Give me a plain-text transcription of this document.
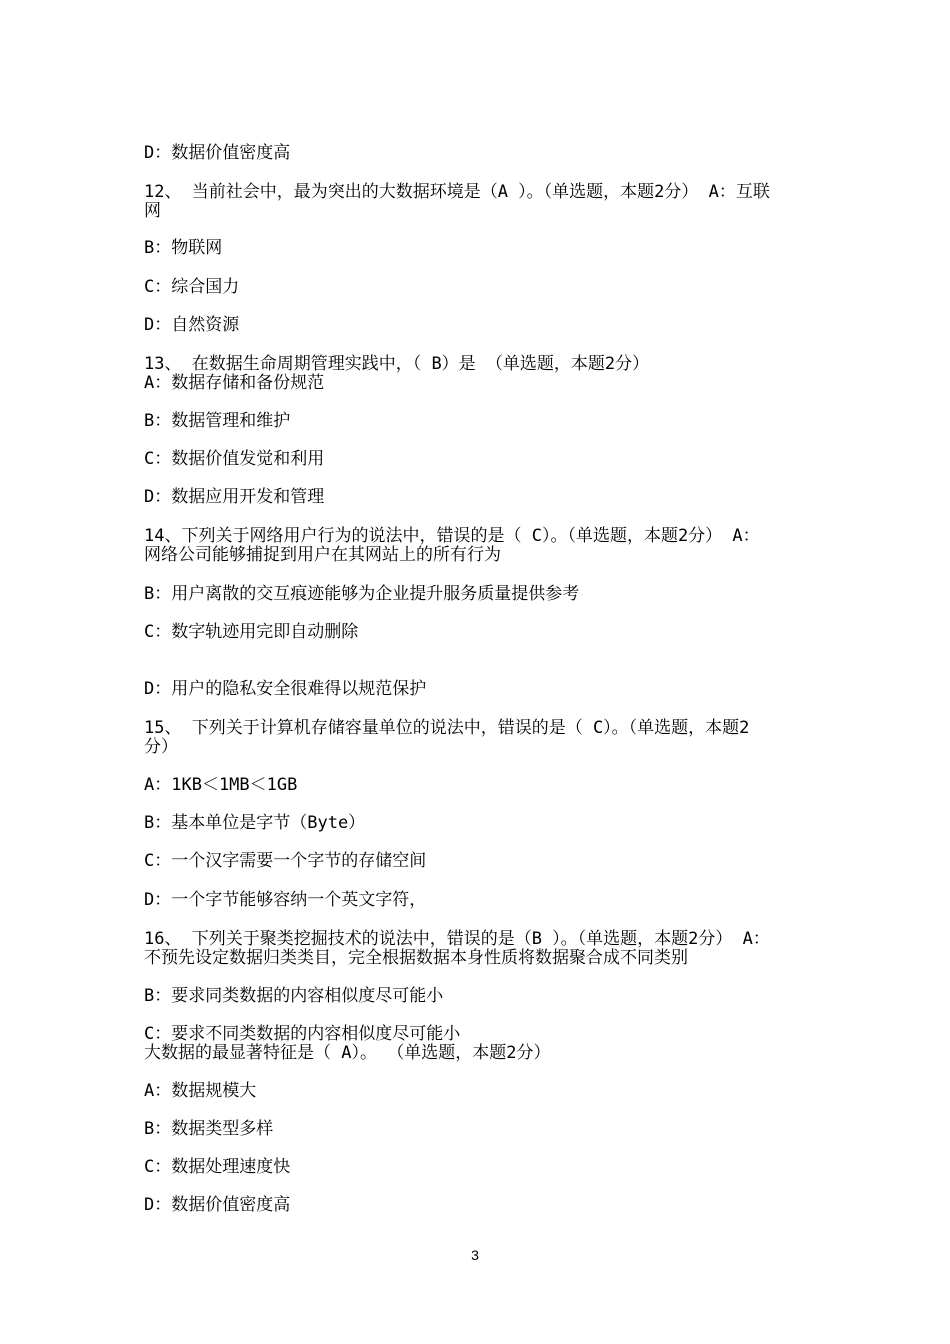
D：数据价值密度高
12、 当前社会中，最为突出的大数据环境是（A ）。（单选题，本题2分） A：互联
网
B：物联网
C：综合国力
D：自然资源
13、 在数据生命周期管理实践中，（ B）是 （单选题，本题2分）
A：数据存储和备份规范
B：数据管理和维护
C：数据价值发觉和利用
D：数据应用开发和管理
14、下列关于网络用户行为的说法中，错误的是（ C）。（单选题，本题2分） A：
网络公司能够捕捉到用户在其网站上的所有行为
B：用户离散的交互痕迹能够为企业提升服务质量提供参考
C：数字轨迹用完即自动删除
D：用户的隐私安全很难得以规范保护
15、 下列关于计算机存储容量单位的说法中，错误的是（ C）。（单选题，本题2
分）
A：1KB＜1MB＜1GB
B：基本单位是字节（Byte）
C：一个汉字需要一个字节的存储空间
D：一个字节能够容纳一个英文字符，
16、 下列关于聚类挖掘技术的说法中，错误的是（B ）。（单选题，本题2分） A：
不预先设定数据归类类目，完全根据数据本身性质将数据聚合成不同类别
B：要求同类数据的内容相似度尽可能小
C：要求不同类数据的内容相似度尽可能小
大数据的最显著特征是（ A）。 （单选题，本题2分）
A：数据规模大
B：数据类型多样
C：数据处理速度快
D：数据价值密度高
3
